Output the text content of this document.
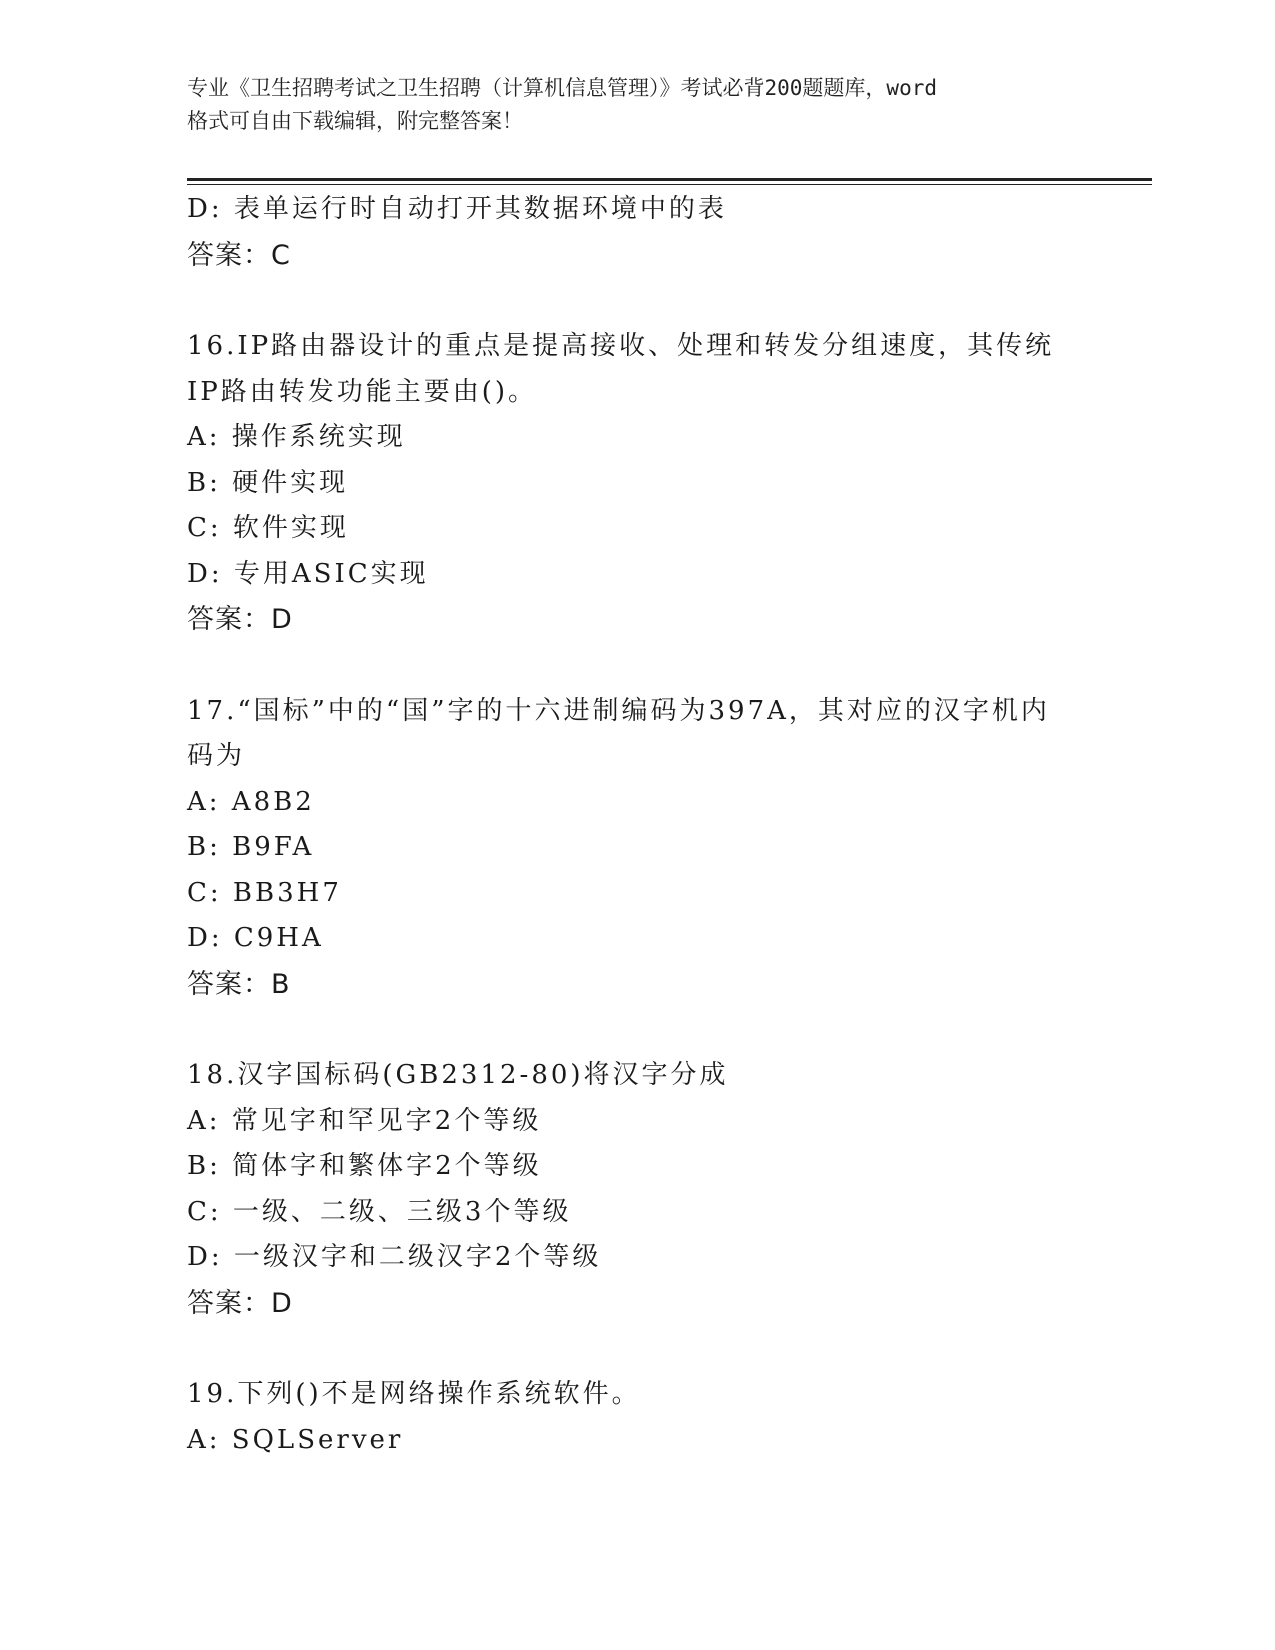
专业《卫生招聘考试之卫生招聘（计算机信息管理）》考试必背200题题库，word
格式可自由下载编辑，附完整答案！
D: 表单运行时自动打开其数据环境中的表
答案：C
16.IP路由器设计的重点是提高接收、处理和转发分组速度，其传统
IP路由转发功能主要由()。
A: 操作系统实现
B: 硬件实现
C: 软件实现
D: 专用ASIC实现
答案：D
17.“国标”中的“国”字的十六进制编码为397A，其对应的汉字机内
码为
A: A8B2
B: B9FA
C: BB3H7
D: C9HA
答案：B
18.汉字国标码(GB2312-80)将汉字分成
A: 常见字和罕见字2个等级
B: 简体字和繁体字2个等级
C: 一级、二级、三级3个等级
D: 一级汉字和二级汉字2个等级
答案：D
19.下列()不是网络操作系统软件。
A: SQLServer
